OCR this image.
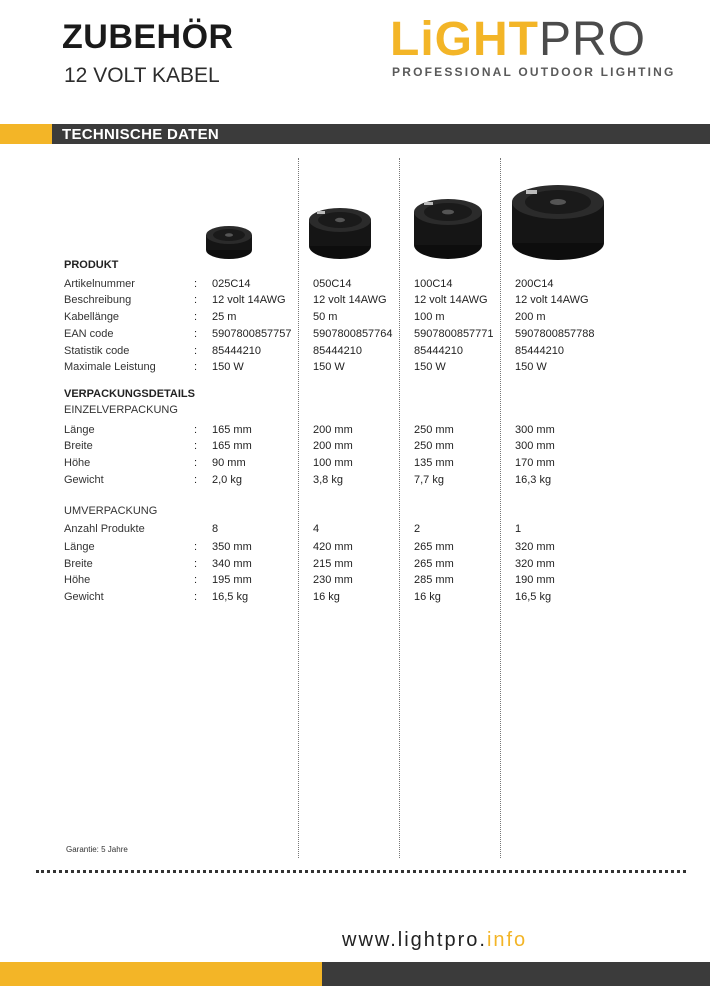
ZUBEHÖR
12 VOLT KABEL
LiGHTPRO
PROFESSIONAL OUTDOOR LIGHTING
TECHNISCHE DATEN
PRODUKT
Artikelnummer	: 025C14	050C14	100C14	200C14
Beschreibung	: 12 volt 14AWG 12 volt 14AWG 12 volt 14AWG 12 volt 14AWG
Kabellänge	: 25 m	50 m	100 m	200 m
EAN code	: 5907800857757 5907800857764 5907800857771 5907800857788
Statistik code	: 85444210	85444210	85444210	85444210
Maximale Leistung	: 150 W	150 W	150 W	150 W
VERPACKUNGSDETAILS
EINZELVERPACKUNG
Länge	: 165 mm	200 mm	250 mm	300 mm
Breite	: 165 mm	200 mm	250 mm	300 mm
Höhe	: 90 mm	100 mm	135 mm	170 mm
Gewicht	: 2,0 kg	3,8 kg	7,7 kg	16,3 kg
UMVERPACKUNG
Anzahl Produkte	8	4	2	1
Länge	: 350 mm	420 mm	265 mm	320 mm
Breite	: 340 mm	215 mm	265 mm	320 mm
Höhe	: 195 mm	230 mm	285 mm	190 mm
Gewicht	: 16,5 kg	16 kg	16 kg	16,5 kg
Garantie: 5 Jahre
www.lightpro.info
